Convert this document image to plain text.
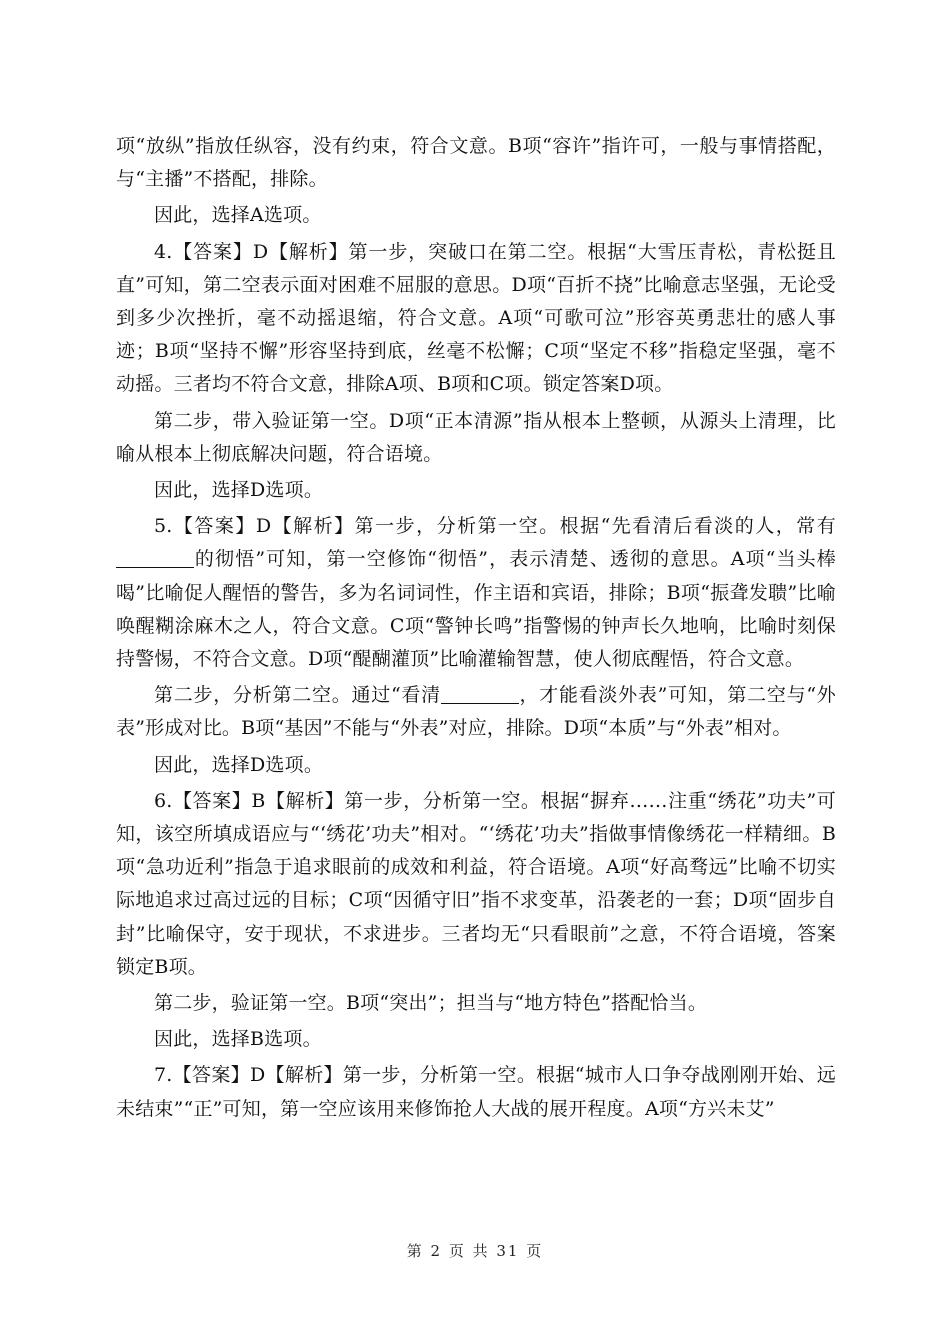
项“放纵”指放任纵容，没有约束，符合文意。B项“容许”指许可，一般与事情搭配，与“主播”不搭配，排除。

因此，选择A选项。

4.【答案】D【解析】第一步，突破口在第二空。根据“大雪压青松，青松挺且直”可知，第二空表示面对困难不屈服的意思。D项“百折不挠”比喻意志坚强，无论受到多少次挫折，毫不动摇退缩，符合文意。A项“可歌可泣”形容英勇悲壮的感人事迹；B项“坚持不懈”形容坚持到底，丝毫不松懈；C项“坚定不移”指稳定坚强，毫不动摇。三者均不符合文意，排除A项、B项和C项。锁定答案D项。

第二步，带入验证第一空。D项“正本清源”指从根本上整顿，从源头上清理，比喻从根本上彻底解决问题，符合语境。

因此，选择D选项。

5.【答案】D【解析】第一步，分析第一空。根据“先看清后看淡的人，常有的彻悟”可知，第一空修饰“彻悟”，表示清楚、透彻的意思。A项“当头棒喝”比喻促人醒悟的警告，多为名词词性，作主语和宾语，排除；B项“振聋发聩”比喻唤醒糊涂麻木之人，符合文意。C项“警钟长鸣”指警惕的钟声长久地响，比喻时刻保持警惕，不符合文意。D项“醍醐灌顶”比喻灌输智慧，使人彻底醒悟，符合文意。

第二步，分析第二空。通过“看清	，才能看淡外表”可知，第二空与“外表”形成对比。B项“基因”不能与“外表”对应，排除。D项“本质”与“外表”相对。

因此，选择D选项。

6.【答案】B【解析】第一步，分析第一空。根据“摒弃……注重“绣花”功夫”可知，该空所填成语应与“‘绣花’功夫”相对。“‘绣花’功夫”指做事情像绣花一样精细。B项“急功近利”指急于追求眼前的成效和利益，符合语境。A项“好高骛远”比喻不切实际地追求过高过远的目标；C项“因循守旧”指不求变革，沿袭老的一套；D项“固步自封”比喻保守，安于现状，不求进步。三者均无“只看眼前”之意，不符合语境，答案锁定B项。

第二步，验证第一空。B项“突出”；担当与“地方特色”搭配恰当。

因此，选择B选项。

7.【答案】D【解析】第一步，分析第一空。根据“城市人口争夺战刚刚开始、远未结束”“正”可知，第一空应该用来修饰抢人大战的展开程度。A项“方兴未艾”

第 2 页 共 31 页
